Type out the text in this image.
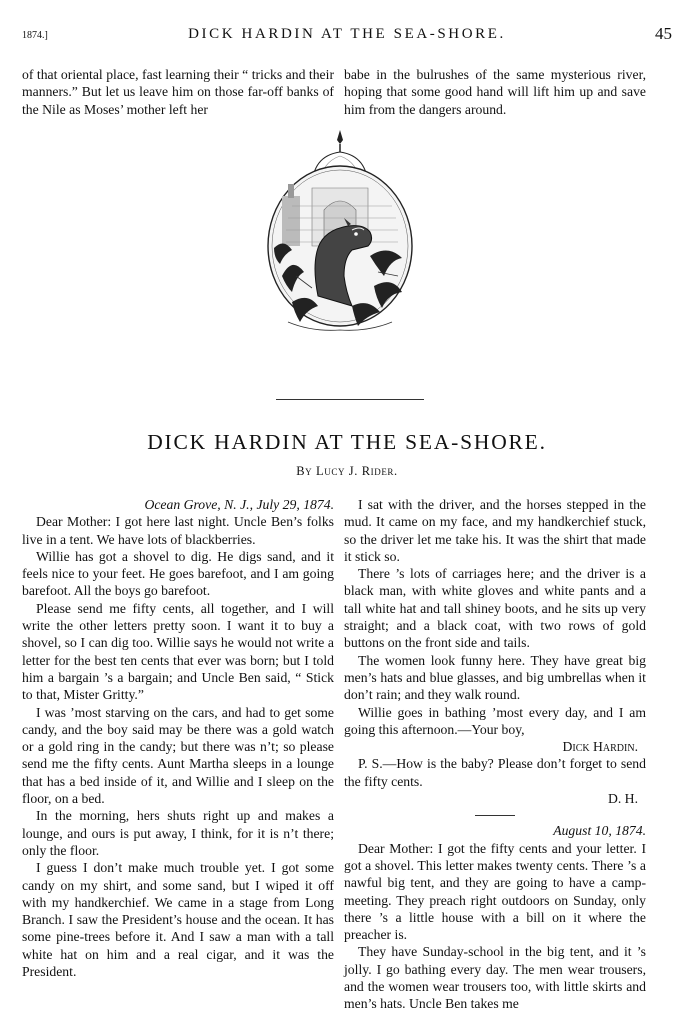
1874.]	DICK HARDIN AT THE SEA-SHORE.	45

of that oriental place, fast learning their “ tricks and their manners.” But let us leave him on those far-off banks of the Nile as Moses’ mother left her

babe in the bulrushes of the same mysterious river, hoping that some good hand will lift him up and save him from the dangers around.

DICK HARDIN AT THE SEA-SHORE.
By Lucy J. Rider.

Ocean Grove, N. J., July 29, 1874.

Dear Mother: I got here last night. Uncle Ben’s folks live in a tent. We have lots of blackberries.

Willie has got a shovel to dig. He digs sand, and it feels nice to your feet. He goes barefoot, and I am going barefoot. All the boys go barefoot.

Please send me fifty cents, all together, and I will write the other letters pretty soon. I want it to buy a shovel, so I can dig too. Willie says he would not write a letter for the best ten cents that ever was born; but I told him a bargain ’s a bargain; and Uncle Ben said, “ Stick to that, Mister Gritty.”

I was ’most starving on the cars, and had to get some candy, and the boy said may be there was a gold watch or a gold ring in the candy; but there was n’t; so please send me the fifty cents. Aunt Martha sleeps in a lounge that has a bed inside of it, and Willie and I sleep on the floor, on a bed.

In the morning, hers shuts right up and makes a lounge, and ours is put away, I think, for it is n’t there; only the floor.

I guess I don’t make much trouble yet. I got some candy on my shirt, and some sand, but I wiped it off with my handkerchief. We came in a stage from Long Branch. I saw the President’s house and the ocean. It has some pine-trees before it. And I saw a man with a tall white hat on him and a real cigar, and it was the President.

I sat with the driver, and the horses stepped in the mud. It came on my face, and my handkerchief stuck, so the driver let me take his. It was the shirt that made it stick so.

There ’s lots of carriages here; and the driver is a black man, with white gloves and white pants and a tall white hat and tall shiney boots, and he sits up very straight; and a black coat, with two rows of gold buttons on the front side and tails.

The women look funny here. They have great big men’s hats and blue glasses, and big umbrellas when it don’t rain; and they walk round.

Willie goes in bathing ’most every day, and I am going this afternoon.—Your boy,

Dick Hardin.

P. S.—How is the baby? Please don’t forget to send the fifty cents.

D. H.

August 10, 1874.

Dear Mother: I got the fifty cents and your letter. I got a shovel. This letter makes twenty cents. There ’s a nawful big tent, and they are going to have a camp-meeting. They preach right outdoors on Sunday, only there ’s a little house with a bill on it where the preacher is.

They have Sunday-school in the big tent, and it ’s jolly. I go bathing every day. The men wear trousers, and the women wear trousers too, with little skirts and men’s hats. Uncle Ben takes me
